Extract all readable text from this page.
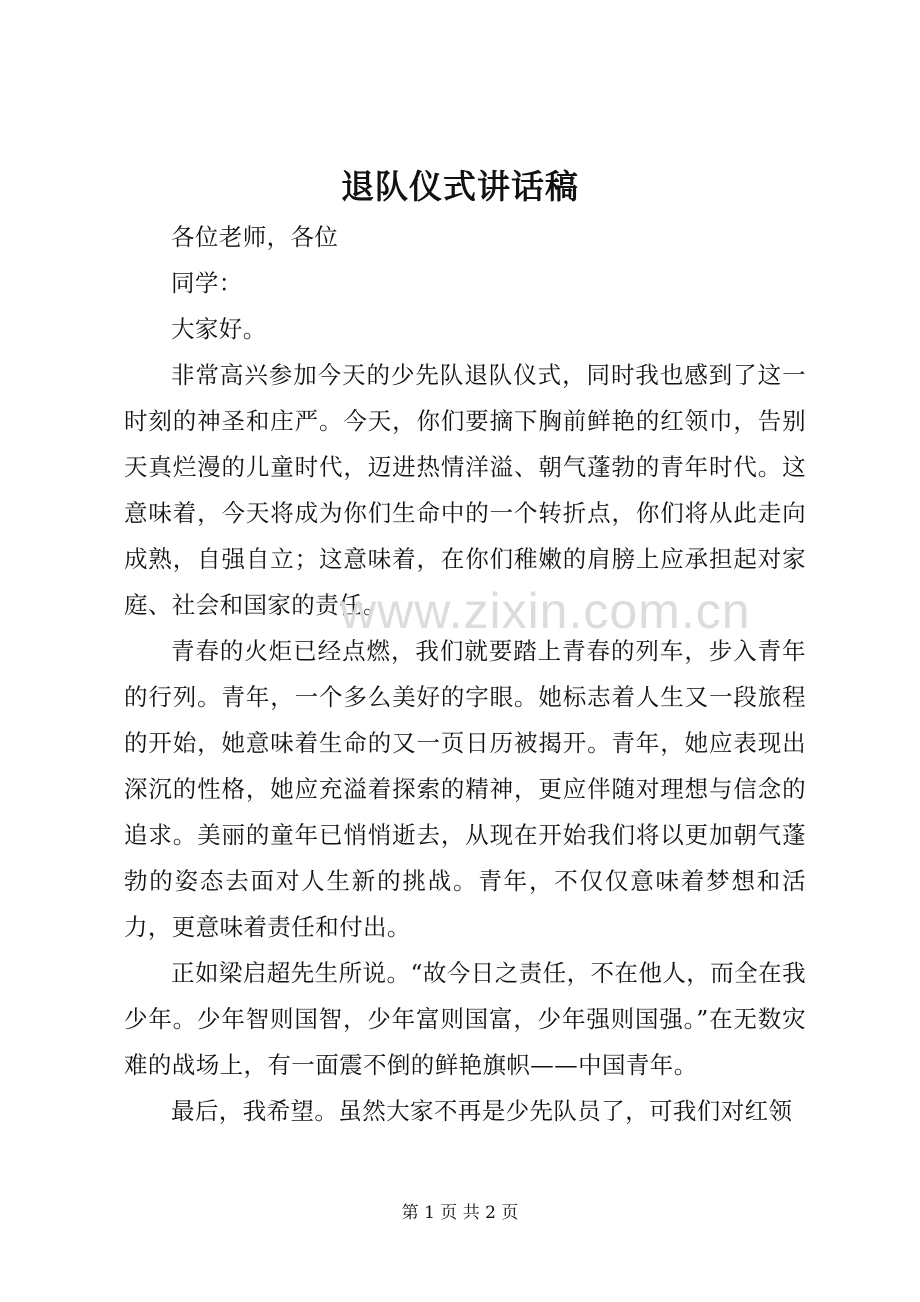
退队仪式讲话稿

各位老师，各位

同学：

大家好。

非常高兴参加今天的少先队退队仪式，同时我也感到了这一时刻的神圣和庄严。今天，你们要摘下胸前鲜艳的红领巾，告别天真烂漫的儿童时代，迈进热情洋溢、朝气蓬勃的青年时代。这意味着，今天将成为你们生命中的一个转折点，你们将从此走向成熟，自强自立；这意味着，在你们稚嫩的肩膀上应承担起对家庭、社会和国家的责任。

青春的火炬已经点燃，我们就要踏上青春的列车，步入青年的行列。青年，一个多么美好的字眼。她标志着人生又一段旅程的开始，她意味着生命的又一页日历被揭开。青年，她应表现出深沉的性格，她应充溢着探索的精神，更应伴随对理想与信念的追求。美丽的童年已悄悄逝去，从现在开始我们将以更加朝气蓬勃的姿态去面对人生新的挑战。青年，不仅仅意味着梦想和活力，更意味着责任和付出。

正如梁启超先生所说。“故今日之责任，不在他人，而全在我少年。少年智则国智，少年富则国富，少年强则国强。”在无数灾难的战场上，有一面震不倒的鲜艳旗帜——中国青年。

最后，我希望。虽然大家不再是少先队员了，可我们对红领

www.zixin.com.cn
第 1 页 共 2 页
